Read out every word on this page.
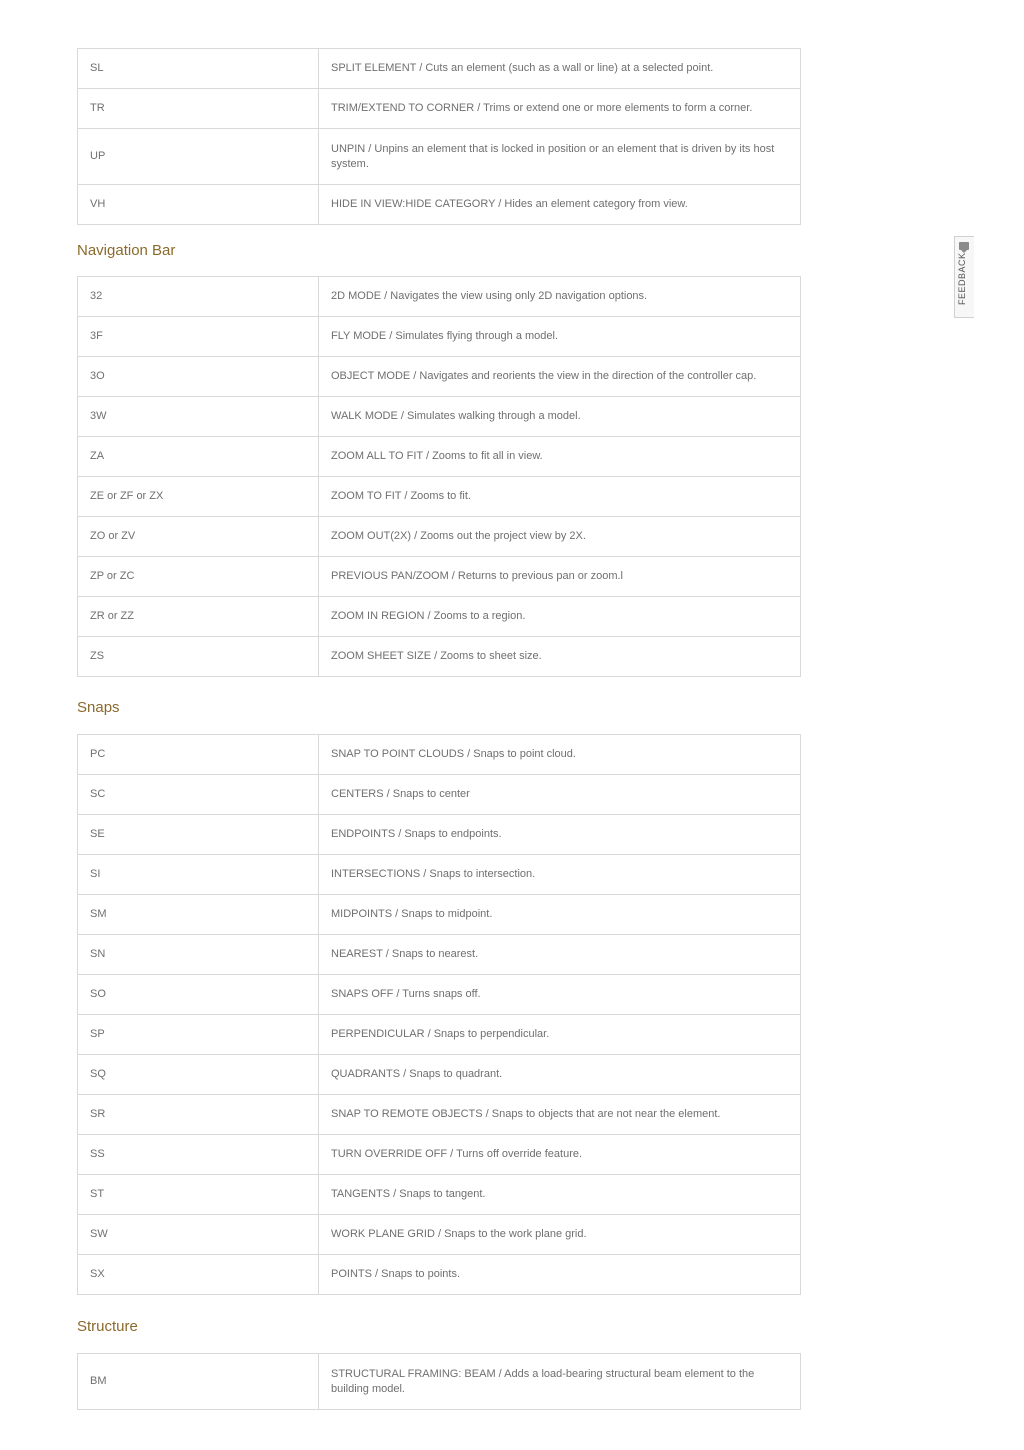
SL	SPLIT ELEMENT / Cuts an element (such as a wall or line) at a selected point.
TR	TRIM/EXTEND TO CORNER / Trims or extend one or more elements to form a corner.
UP	UNPIN / Unpins an element that is locked in position or an element that is driven by its host system.
VH	HIDE IN VIEW:HIDE CATEGORY / Hides an element category from view.
Navigation Bar
32	2D MODE / Navigates the view using only 2D navigation options.
3F	FLY MODE / Simulates flying through a model.
3O	OBJECT MODE / Navigates and reorients the view in the direction of the controller cap.
3W	WALK MODE / Simulates walking through a model.
ZA	ZOOM ALL TO FIT / Zooms to fit all in view.
ZE or ZF or ZX	ZOOM TO FIT / Zooms to fit.
ZO or ZV	ZOOM OUT(2X) / Zooms out the project view by 2X.
ZP or ZC	PREVIOUS PAN/ZOOM / Returns to previous pan or zoom.l
ZR or ZZ	ZOOM IN REGION / Zooms to a region.
ZS	ZOOM SHEET SIZE / Zooms to sheet size.
Snaps
PC	SNAP TO POINT CLOUDS / Snaps to point cloud.
SC	CENTERS / Snaps to center
SE	ENDPOINTS / Snaps to endpoints.
SI	INTERSECTIONS / Snaps to intersection.
SM	MIDPOINTS / Snaps to midpoint.
SN	NEAREST / Snaps to nearest.
SO	SNAPS OFF / Turns snaps off.
SP	PERPENDICULAR / Snaps to perpendicular.
SQ	QUADRANTS / Snaps to quadrant.
SR	SNAP TO REMOTE OBJECTS / Snaps to objects that are not near the element.
SS	TURN OVERRIDE OFF / Turns off override feature.
ST	TANGENTS / Snaps to tangent.
SW	WORK PLANE GRID / Snaps to the work plane grid.
SX	POINTS / Snaps to points.
Structure
BM	STRUCTURAL FRAMING: BEAM / Adds a load-bearing structural beam element to the building model.
FEEDBACK
